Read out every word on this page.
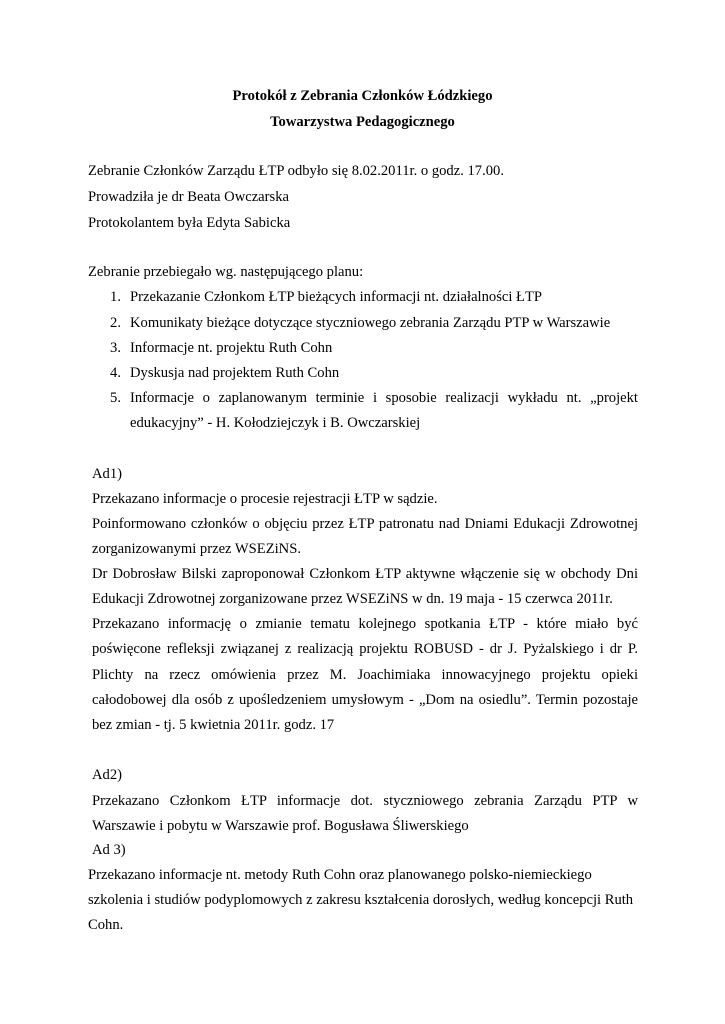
Protokół z Zebrania Członków Łódzkiego
Towarzystwa Pedagogicznego
Zebranie Członków Zarządu ŁTP odbyło się 8.02.2011r. o godz. 17.00.
Prowadziła je dr Beata Owczarska
Protokolantem była Edyta Sabicka
Zebranie przebiegało wg. następującego planu:
1. Przekazanie Członkom ŁTP bieżących informacji nt. działalności ŁTP
2. Komunikaty bieżące dotyczące styczniowego zebrania Zarządu PTP w Warszawie
3. Informacje nt. projektu Ruth Cohn
4. Dyskusja nad projektem Ruth Cohn
5. Informacje o zaplanowanym terminie i sposobie realizacji wykładu nt. „projekt
edukacyjny” - H. Kołodziejczyk i B. Owczarskiej
Ad1)
Przekazano informacje o procesie rejestracji ŁTP w sądzie.
Poinformowano członków o objęciu przez ŁTP patronatu nad Dniami Edukacji Zdrowotnej
zorganizowanymi przez WSEZiNS.
Dr Dobrosław Bilski zaproponował Członkom ŁTP aktywne włączenie się w obchody Dni
Edukacji Zdrowotnej zorganizowane przez WSEZiNS w dn. 19 maja - 15 czerwca 2011r.
Przekazano informację o zmianie tematu kolejnego spotkania ŁTP - które miało być
poświęcone refleksji związanej z realizacją projektu ROBUSD - dr J. Pyżalskiego i dr P.
Plichty na rzecz omówienia przez M. Joachimiaka innowacyjnego projektu opieki
całodobowej dla osób z upośledzeniem umysłowym - „Dom na osiedlu”. Termin pozostaje
bez zmian - tj. 5 kwietnia 2011r. godz. 17
Ad2)
Przekazano Członkom ŁTP informacje dot. styczniowego zebrania Zarządu PTP w
Warszawie i pobytu w Warszawie prof. Bogusława Śliwerskiego
Ad 3)
Przekazano informacje nt. metody Ruth Cohn oraz planowanego polsko-niemieckiego
szkolenia i studiów podyplomowych z zakresu kształcenia dorosłych, według koncepcji Ruth
Cohn.
